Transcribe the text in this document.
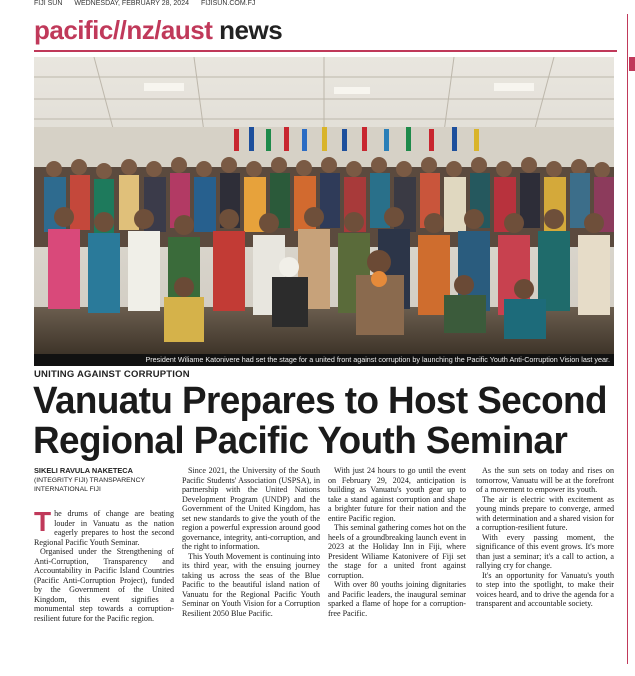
FIJI SUN WEDNESDAY, FEBRUARY 28, 2024 FIJISUN.COM.FJ
pacific//nz/aust news
President Wiliame Katonivere had set the stage for a united front against corruption by launching the Pacific Youth Anti-Corruption Vision last year.
UNITING AGAINST CORRUPTION
Vanuatu Prepares to Host Second
Regional Pacific Youth Seminar
SIKELI RAVULA NAKETECA
(INTEGRITY FIJI) TRANSPARENCY INTERNATIONAL FIJI

The drums of change are beating louder in Vanuatu as the nation eagerly prepares to host the second Regional Pacific Youth Seminar.

Organised under the Strengthening of Anti-Corruption, Transparency and Accountability in Pacific Island Countries (Pacific Anti-Corruption Project), funded by the Government of the United Kingdom, this event signifies a monumental step towards a corruption-resilient future for the Pacific region.

Since 2021, the University of the South Pacific Students' Association (USPSA), in partnership with the United Nations Development Program (UNDP) and the Government of the United Kingdom, has set new standards to give the youth of the region a powerful expression around good governance, integrity, anti-corruption, and the right to information.

This Youth Movement is continuing into its third year, with the ensuing journey taking us across the seas of the Blue Pacific to the beautiful island nation of Vanuatu for the Regional Pacific Youth Seminar on Youth Vision for a Corruption Resilient 2050 Blue Pacific.

With just 24 hours to go until the event on February 29, 2024, anticipation is building as Vanuatu's youth gear up to take a stand against corruption and shape a brighter future for their nation and the entire Pacific region.

This seminal gathering comes hot on the heels of a groundbreaking launch event in 2023 at the Holiday Inn in Fiji, where President Wiliame Katonivere of Fiji set the stage for a united front against corruption.

With over 80 youths joining dignitaries and Pacific leaders, the inaugural seminar sparked a flame of hope for a corruption-free Pacific.

As the sun sets on today and rises on tomorrow, Vanuatu will be at the forefront of a movement to empower its youth.

The air is electric with excitement as young minds prepare to converge, armed with determination and a shared vision for a corruption-resilient future.

With every passing moment, the significance of this event grows. It's more than just a seminar; it's a call to action, a rallying cry for change.

It's an opportunity for Vanuatu's youth to step into the spotlight, to make their voices heard, and to drive the agenda for a transparent and accountable society.
